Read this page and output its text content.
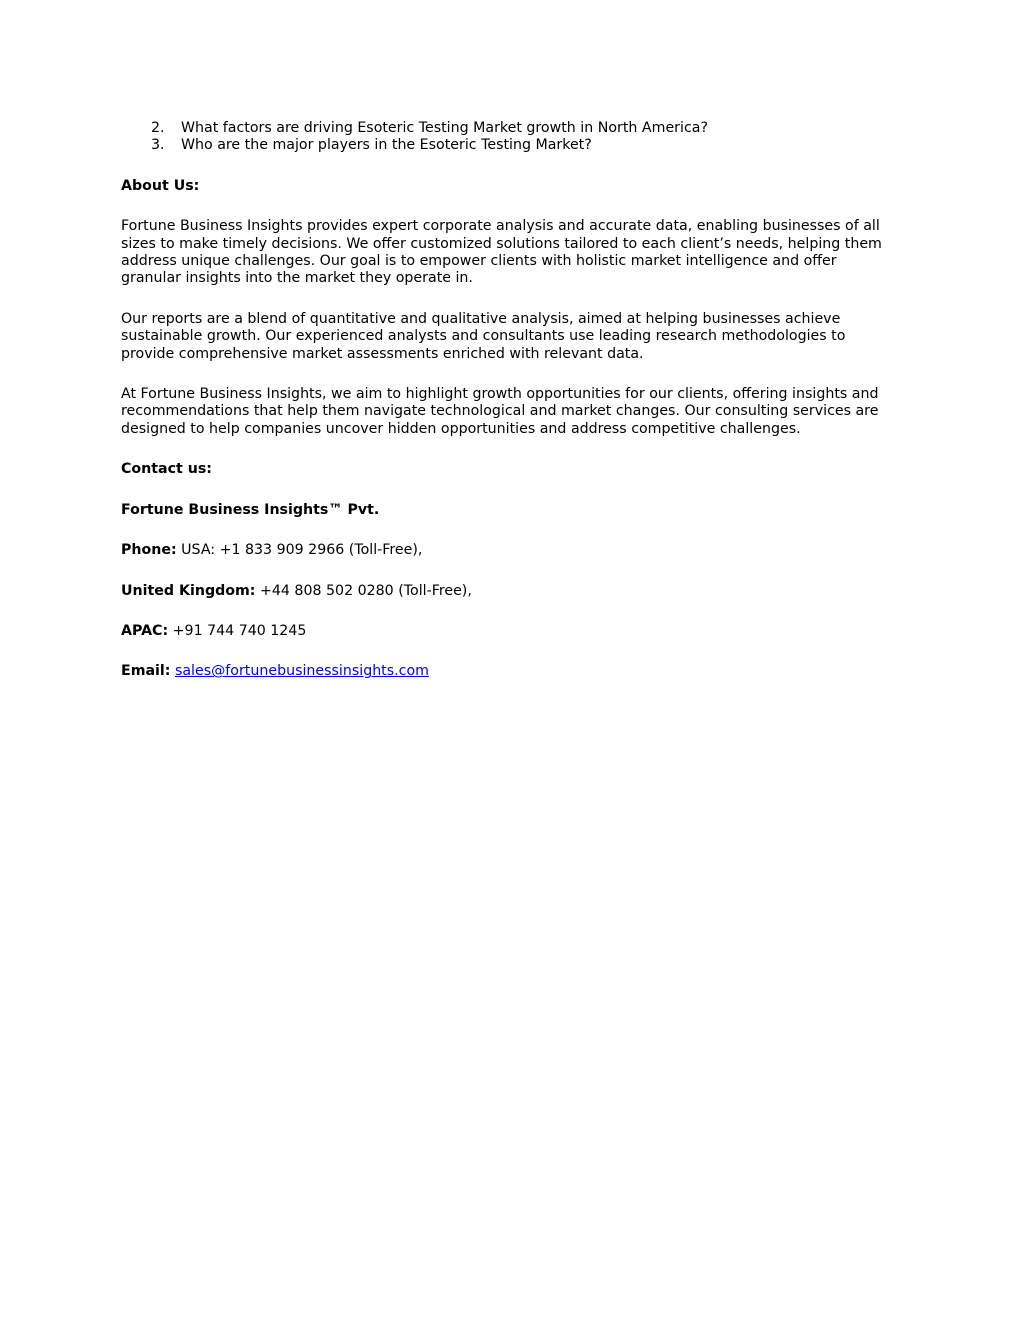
2. What factors are driving Esoteric Testing Market growth in North America?
3. Who are the major players in the Esoteric Testing Market?

About Us:

Fortune Business Insights provides expert corporate analysis and accurate data, enabling businesses of all sizes to make timely decisions. We offer customized solutions tailored to each client’s needs, helping them address unique challenges. Our goal is to empower clients with holistic market intelligence and offer granular insights into the market they operate in.

Our reports are a blend of quantitative and qualitative analysis, aimed at helping businesses achieve sustainable growth. Our experienced analysts and consultants use leading research methodologies to provide comprehensive market assessments enriched with relevant data.

At Fortune Business Insights, we aim to highlight growth opportunities for our clients, offering insights and recommendations that help them navigate technological and market changes. Our consulting services are designed to help companies uncover hidden opportunities and address competitive challenges.

Contact us:

Fortune Business Insights™ Pvt.

Phone: USA: +1 833 909 2966 (Toll-Free),

United Kingdom: +44 808 502 0280 (Toll-Free),

APAC: +91 744 740 1245

Email: sales@fortunebusinessinsights.com
